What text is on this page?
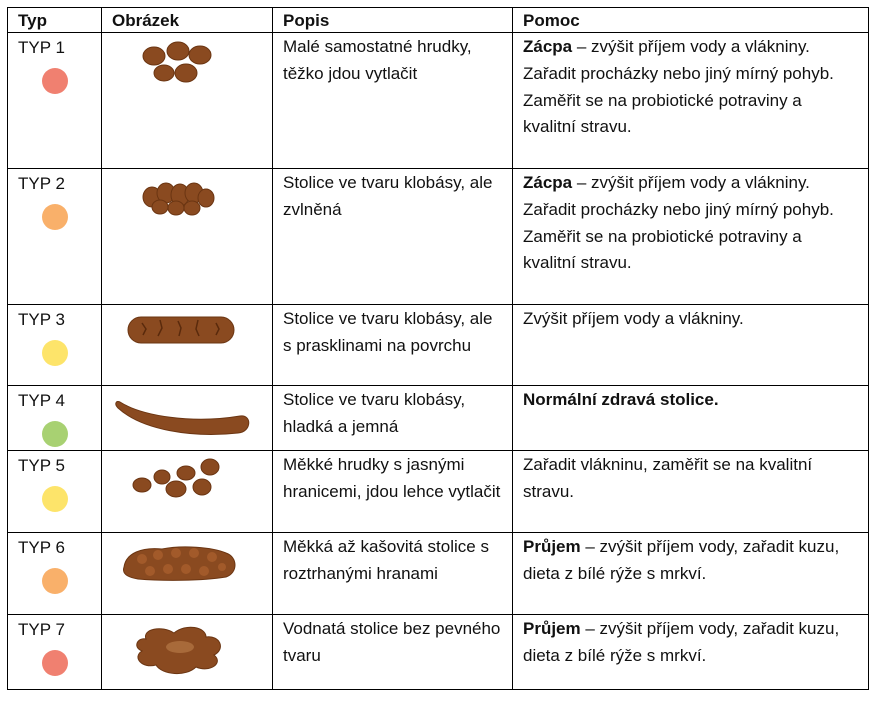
Typ	Obrázek	Popis	Pomoc
TYP 1		Malé samostatné hrudky, těžko jdou vytlačit	Zácpa – zvýšit příjem vody a vlákniny. Zařadit procházky nebo jiný mírný pohyb. Zaměřit se na probiotické potraviny a kvalitní stravu.
TYP 2		Stolice ve tvaru klobásy, ale zvlněná	Zácpa – zvýšit příjem vody a vlákniny. Zařadit procházky nebo jiný mírný pohyb. Zaměřit se na probiotické potraviny a kvalitní stravu.
TYP 3		Stolice ve tvaru klobásy, ale s prasklinami na povrchu	Zvýšit příjem vody a vlákniny.
TYP 4		Stolice ve tvaru klobásy, hladká a jemná	Normální zdravá stolice.
TYP 5		Měkké hrudky s jasnými hranicemi, jdou lehce vytlačit	Zařadit vlákninu, zaměřit se na kvalitní stravu.
TYP 6		Měkká až kašovitá stolice s roztrhanými hranami	Průjem – zvýšit příjem vody, zařadit kuzu, dieta z bílé rýže s mrkví.
TYP 7		Vodnatá stolice bez pevného tvaru	Průjem – zvýšit příjem vody, zařadit kuzu, dieta z bílé rýže s mrkví.
